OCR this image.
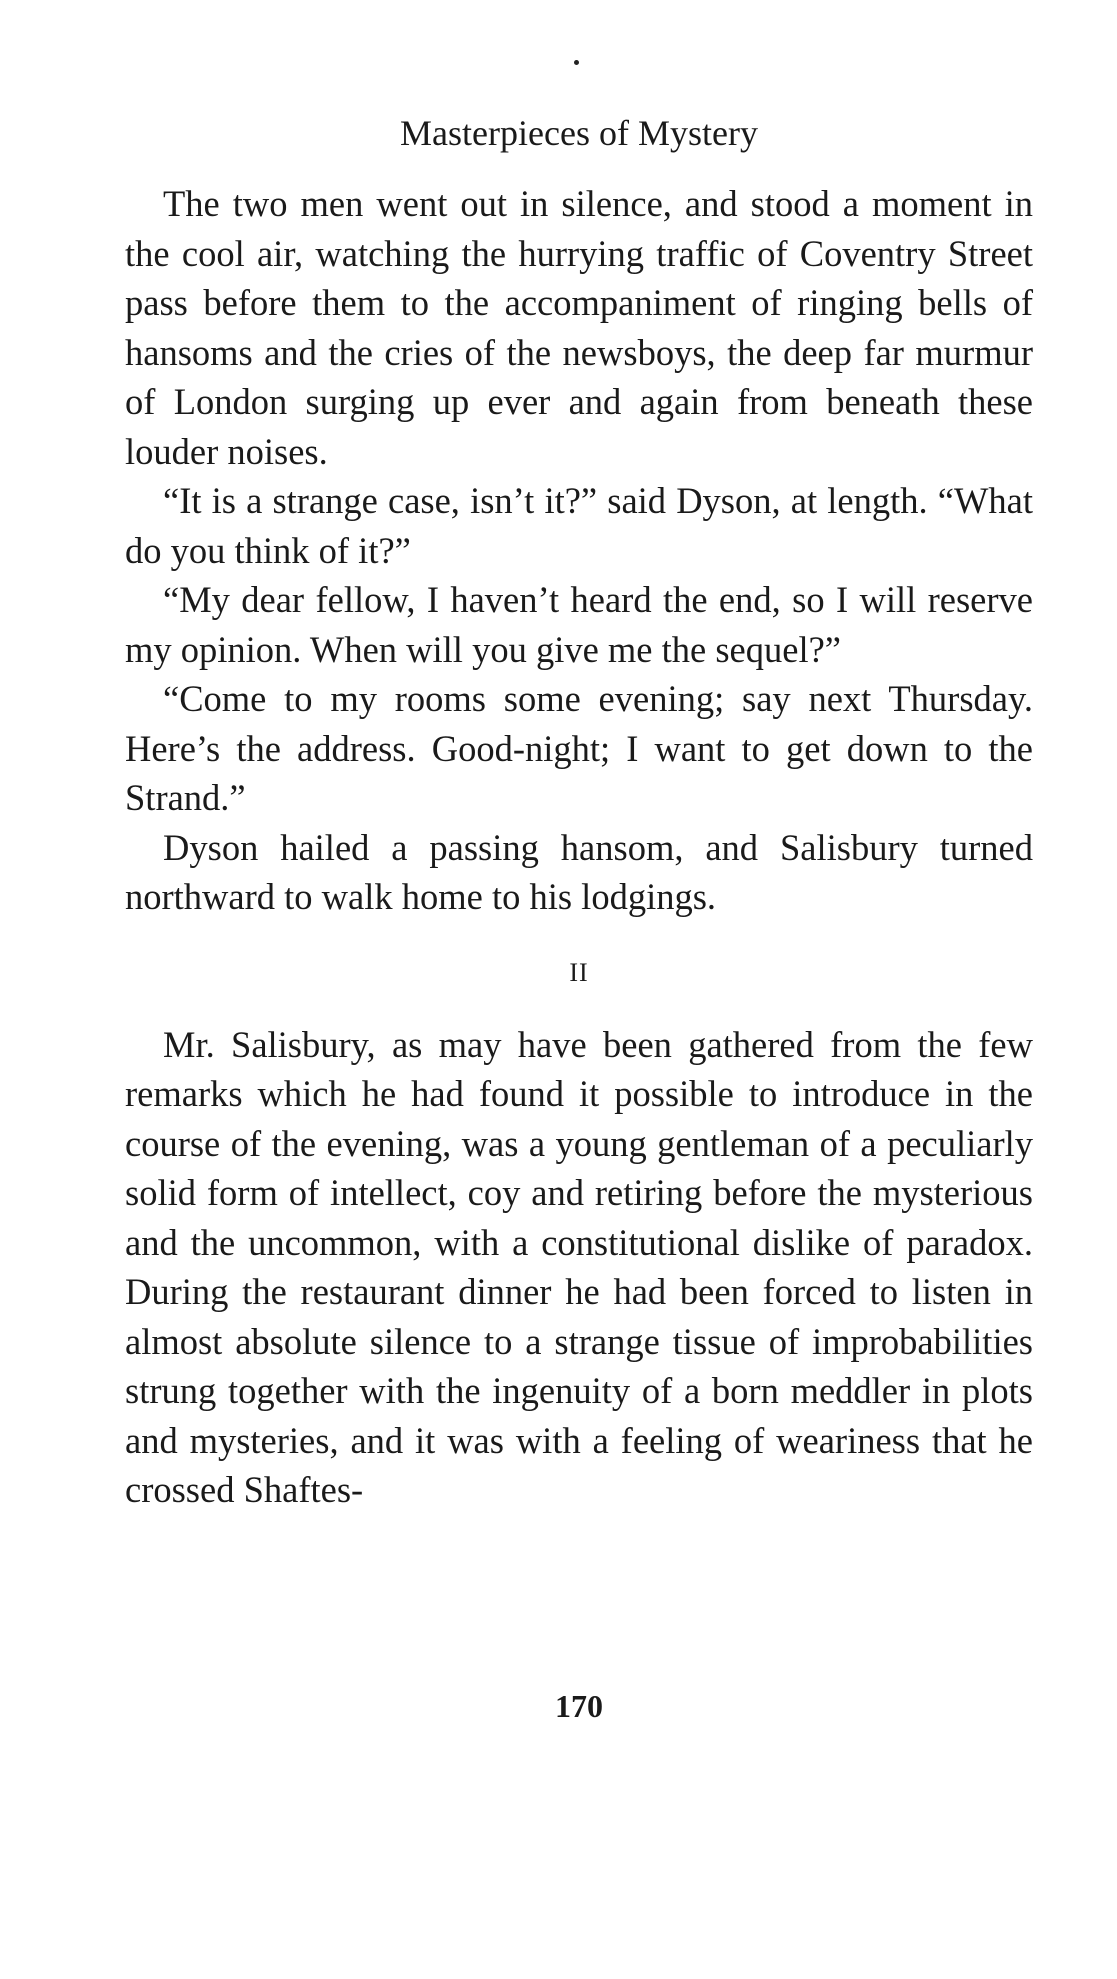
Masterpieces of Mystery

The two men went out in silence, and stood a moment in the cool air, watching the hurrying traffic of Coventry Street pass before them to the accompaniment of ringing bells of hansoms and the cries of the newsboys, the deep far murmur of London surging up ever and again from beneath these louder noises.

“It is a strange case, isn’t it?” said Dyson, at length. “What do you think of it?”

“My dear fellow, I haven’t heard the end, so I will reserve my opinion. When will you give me the sequel?”

“Come to my rooms some evening; say next Thursday. Here’s the address. Good-night; I want to get down to the Strand.”

Dyson hailed a passing hansom, and Salisbury turned northward to walk home to his lodgings.

II

Mr. Salisbury, as may have been gathered from the few remarks which he had found it possible to introduce in the course of the evening, was a young gentleman of a peculiarly solid form of intellect, coy and retiring before the mysterious and the uncommon, with a constitutional dislike of paradox. During the restaurant dinner he had been forced to listen in almost absolute silence to a strange tissue of improbabilities strung together with the ingenuity of a born meddler in plots and mysteries, and it was with a feeling of weariness that he crossed Shaftes-

170
